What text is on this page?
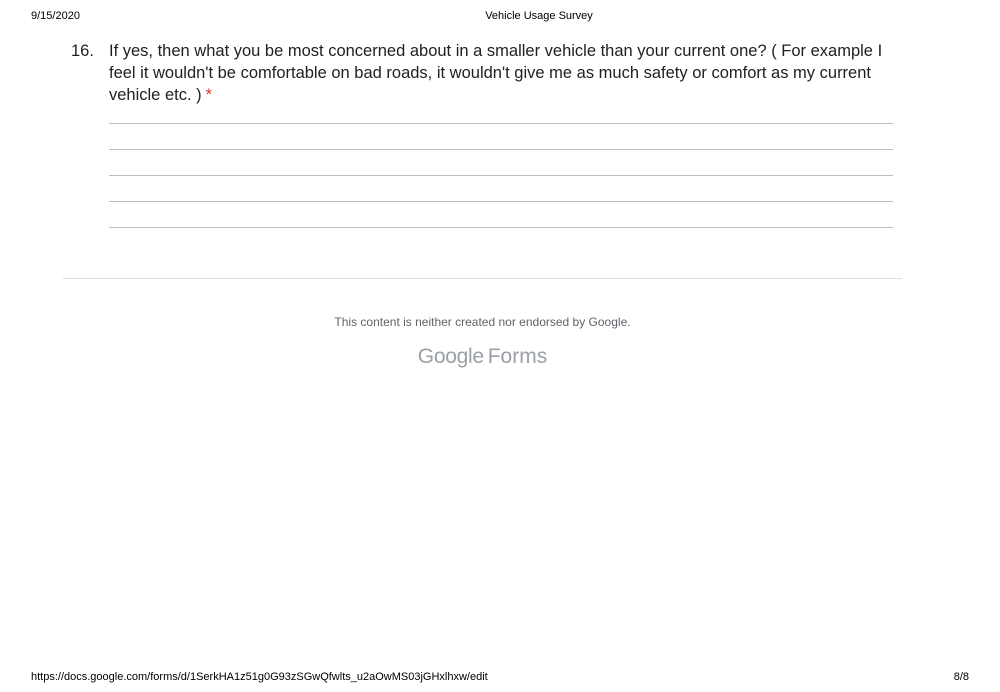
9/15/2020	Vehicle Usage Survey
16. If yes, then what you be most concerned about in a smaller vehicle than your current one? ( For example I feel it wouldn't be comfortable on bad roads, it wouldn't give me as much safety or comfort as my current vehicle etc. ) *
This content is neither created nor endorsed by Google.
Google Forms
https://docs.google.com/forms/d/1SerkHA1z51g0G93zSGwQfwlts_u2aOwMS03jGHxlhxw/edit	8/8
